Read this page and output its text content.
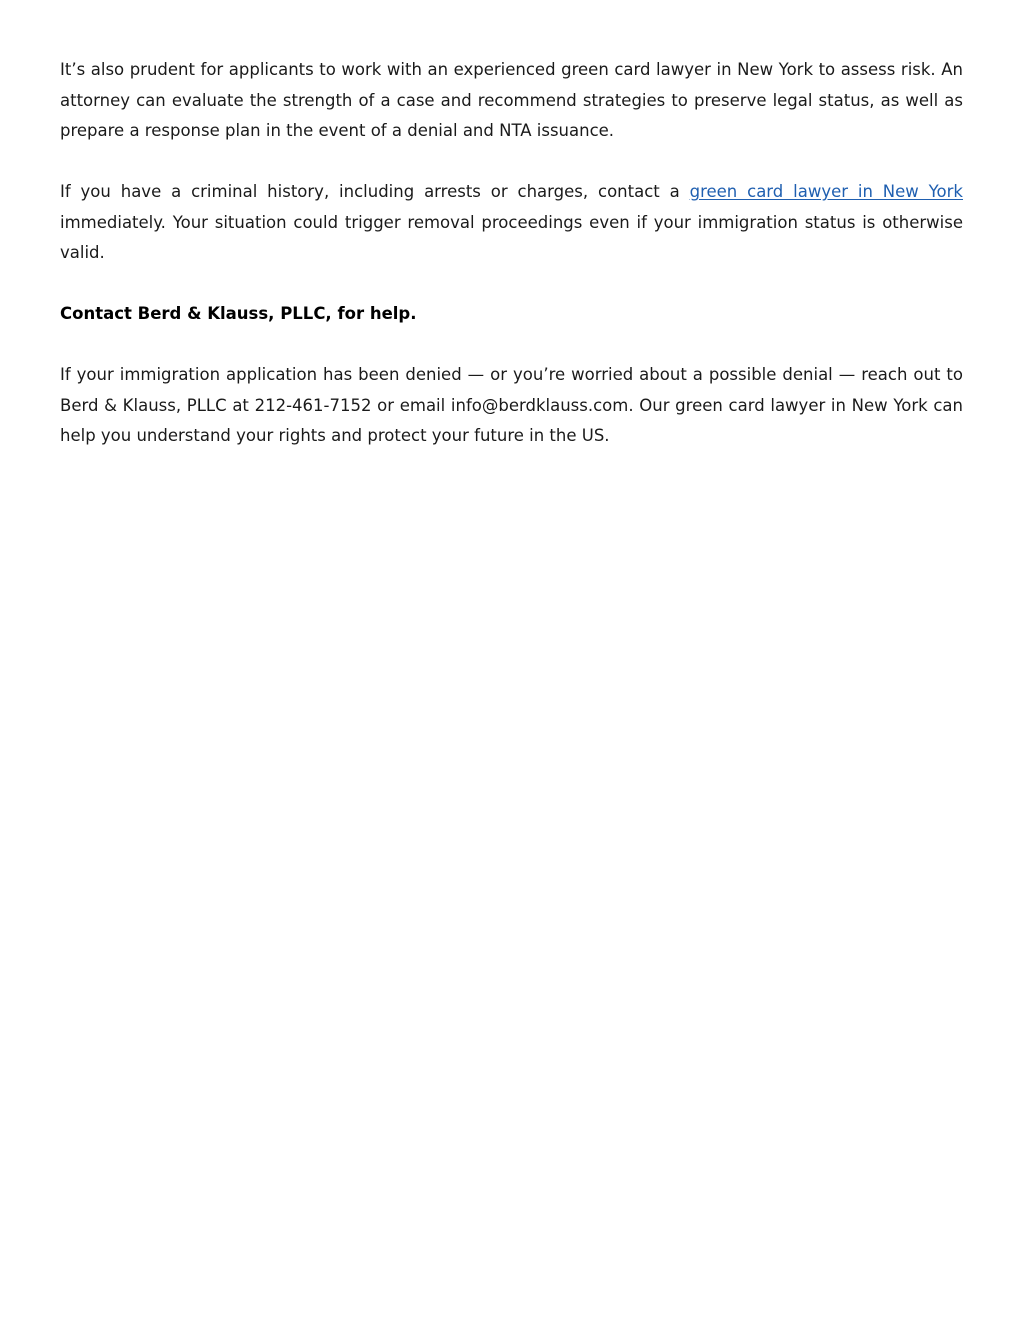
It’s also prudent for applicants to work with an experienced green card lawyer in New York to assess risk. An attorney can evaluate the strength of a case and recommend strategies to preserve legal status, as well as prepare a response plan in the event of a denial and NTA issuance.

If you have a criminal history, including arrests or charges, contact a green card lawyer in New York immediately. Your situation could trigger removal proceedings even if your immigration status is otherwise valid.

Contact Berd & Klauss, PLLC, for help.

If your immigration application has been denied — or you’re worried about a possible denial — reach out to Berd & Klauss, PLLC at 212-461-7152 or email info@berdklauss.com. Our green card lawyer in New York can help you understand your rights and protect your future in the US.
